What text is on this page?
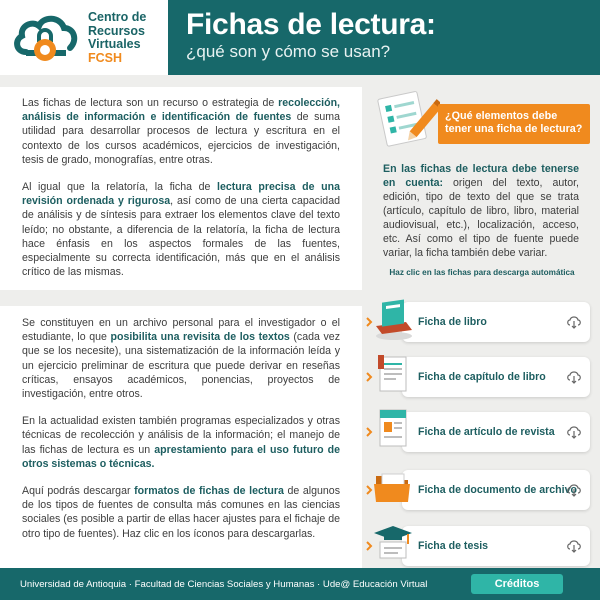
Centro de
Recursos
Virtuales
FCSH
Fichas de lectura:
¿qué son y cómo se usan?

Las fichas de lectura son un recurso o estrategia de recolección, análisis de información e identificación de fuentes de suma utilidad para desarrollar procesos de lectura y escritura en el contexto de los cursos académicos, ejercicios de investigación, tesis de grado, monografías, entre otras.

Al igual que la relatoría, la ficha de lectura precisa de una revisión ordenada y rigurosa, así como de una cierta capacidad de análisis y de síntesis para extraer los elementos clave del texto leído; no obstante, a diferencia de la relatoría, la ficha de lectura hace énfasis en los aspectos formales de las fuentes, especialmente su correcta identificación, más que en el análisis crítico de las mismas.

¿Qué elementos debe tener una ficha de lectura?
En las fichas de lectura debe tenerse en cuenta: origen del texto, autor, edición, tipo de texto del que se trata (artículo, capítulo de libro, libro, material audiovisual, etc.), localización, acceso, etc. Así como el tipo de fuente puede variar, la ficha también debe variar.
Haz clic en las fichas para descarga automática

Se constituyen en un archivo personal para el investigador o el estudiante, lo que posibilita una revisita de los textos (cada vez que se los necesite), una sistematización de la información leída y un ejercicio preliminar de escritura que puede derivar en reseñas críticas, ensayos académicos, ponencias, proyectos de investigación, entre otros.

En la actualidad existen también programas especializados y otras técnicas de recolección y análisis de la información; el manejo de las fichas de lectura es un aprestamiento para el uso futuro de otros sistemas o técnicas.

Aquí podrás descargar formatos de fichas de lectura de algunos de los tipos de fuentes de consulta más comunes en las ciencias sociales (es posible a partir de ellas hacer ajustes para el fichaje de otro tipo de fuentes). Haz clic en los íconos para descargarlas.

Ficha de libro
Ficha de capítulo de libro
Ficha de artículo de revista
Ficha de documento de archivo
Ficha de tesis
Universidad de Antioquia · Facultad de Ciencias Sociales y Humanas · Ude@ Educación Virtual	Créditos
